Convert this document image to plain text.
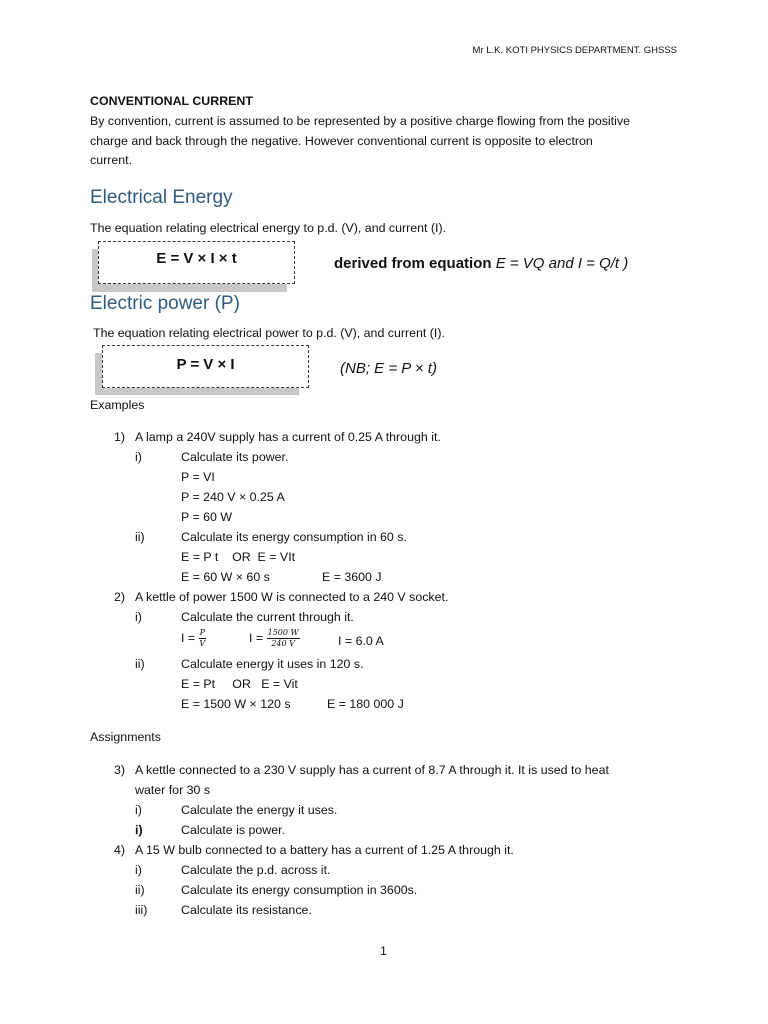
Mr L.K. KOTI PHYSICS DEPARTMENT. GHSSS
CONVENTIONAL CURRENT
By convention, current is assumed to be represented by a positive charge flowing from the positive
charge and back through the negative. However conventional current is opposite to electron
current.
Electrical Energy
The equation relating electrical energy to p.d. (V), and current (I).
E = V × I × t	derived from equation E = VQ and I = Q/t )
Electric power (P)
The equation relating electrical power to p.d. (V), and current (I).
P = V × I	(NB; E = P × t)
Examples
1) A lamp a 240V supply has a current of 0.25 A through it.
i)	Calculate its power.
P = VI
P = 240 V × 0.25 A
P = 60 W
ii)	Calculate its energy consumption in 60 s.
E = P t    OR  E = VIt
E = 60 W × 60 s	E = 3600 J
2) A kettle of power 1500 W is connected to a 240 V socket.
i)	Calculate the current through it.
$I = \frac{P}{V}$	$I = \frac{1500 W}{240 V}$	I = 6.0 A
ii)	Calculate energy it uses in 120 s.
E = Pt     OR   E = Vit
E = 1500 W × 120 s	E = 180 000 J
Assignments
3) A kettle connected to a 230 V supply has a current of 8.7 A through it. It is used to heat
water for 30 s
i)	Calculate the energy it uses.
i)	Calculate is power.
4) A 15 W bulb connected to a battery has a current of 1.25 A through it.
i)	Calculate the p.d. across it.
ii)	Calculate its energy consumption in 3600s.
iii)	Calculate its resistance.
1
